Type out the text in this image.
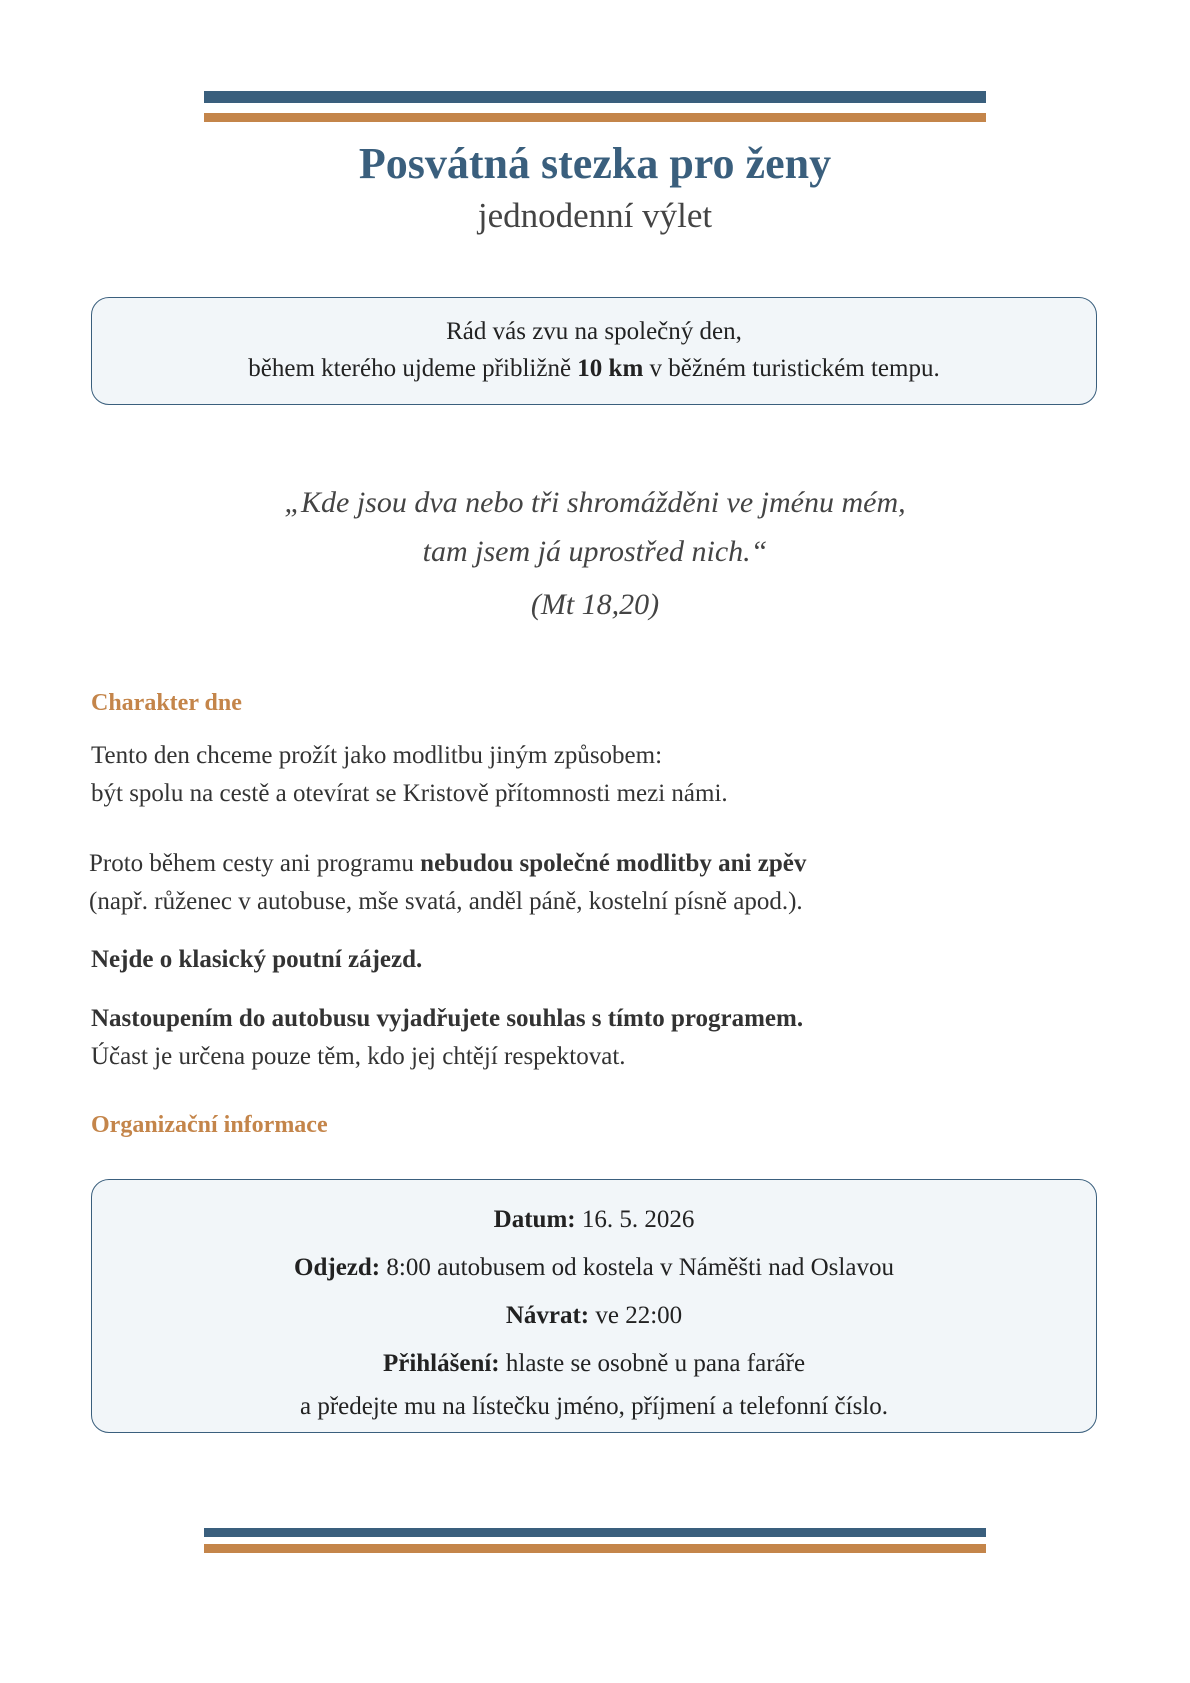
Posvátná stezka pro ženy
jednodenní výlet
Rád vás zvu na společný den,
během kterého ujdeme přibližně 10 km v běžném turistickém tempu.
„Kde jsou dva nebo tři shromážděni ve jménu mém,
tam jsem já uprostřed nich.“
(Mt 18,20)
Charakter dne
Tento den chceme prožít jako modlitbu jiným způsobem:
být spolu na cestě a otevírat se Kristově přítomnosti mezi námi.
Proto během cesty ani programu nebudou společné modlitby ani zpěv
(např. růženec v autobuse, mše svatá, anděl páně, kostelní písně apod.).
Nejde o klasický poutní zájezd.
Nastoupením do autobusu vyjadřujete souhlas s tímto programem.
Účast je určena pouze těm, kdo jej chtějí respektovat.
Organizační informace
Datum: 16. 5. 2026
Odjezd: 8:00 autobusem od kostela v Náměšti nad Oslavou
Návrat: ve 22:00
Přihlášení: hlaste se osobně u pana faráře
a předejte mu na lístečku jméno, příjmení a telefonní číslo.
